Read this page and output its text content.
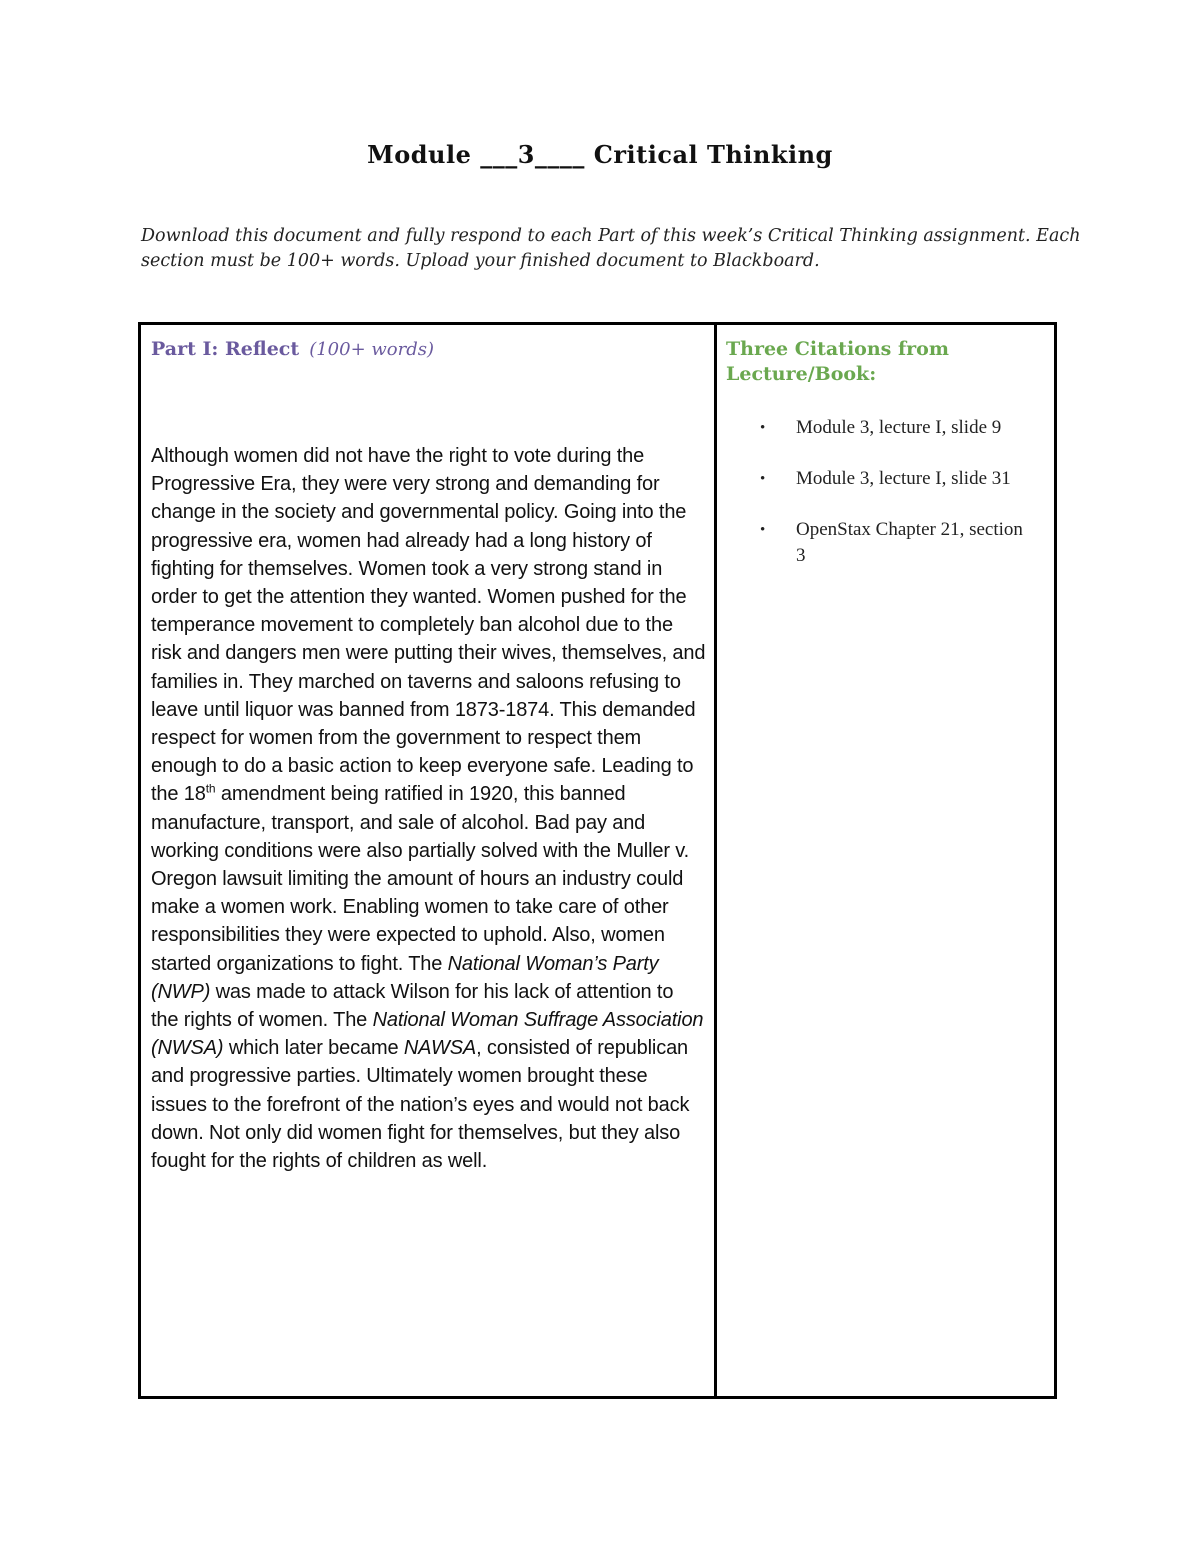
Module ___3____ Critical Thinking
Download this document and fully respond to each Part of this week’s Critical Thinking assignment. Each section must be 100+ words. Upload your finished document to Blackboard.
Part I: Reflect (100+ words)

Although women did not have the right to vote during the Progressive Era, they were very strong and demanding for change in the society and governmental policy. Going into the progressive era, women had already had a long history of fighting for themselves. Women took a very strong stand in order to get the attention they wanted. Women pushed for the temperance movement to completely ban alcohol due to the risk and dangers men were putting their wives, themselves, and families in. They marched on taverns and saloons refusing to leave until liquor was banned from 1873-1874. This demanded respect for women from the government to respect them enough to do a basic action to keep everyone safe. Leading to the 18th amendment being ratified in 1920, this banned manufacture, transport, and sale of alcohol. Bad pay and working conditions were also partially solved with the Muller v. Oregon lawsuit limiting the amount of hours an industry could make a women work. Enabling women to take care of other responsibilities they were expected to uphold. Also, women started organizations to fight. The National Woman’s Party (NWP) was made to attack Wilson for his lack of attention to the rights of women. The National Woman Suffrage Association (NWSA) which later became NAWSA, consisted of republican and progressive parties. Ultimately women brought these issues to the forefront of the nation’s eyes and would not back down. Not only did women fight for themselves, but they also fought for the rights of children as well.

Three Citations from Lecture/Book:
•	Module 3, lecture I, slide 9
•	Module 3, lecture I, slide 31
•	OpenStax Chapter 21, section 3
